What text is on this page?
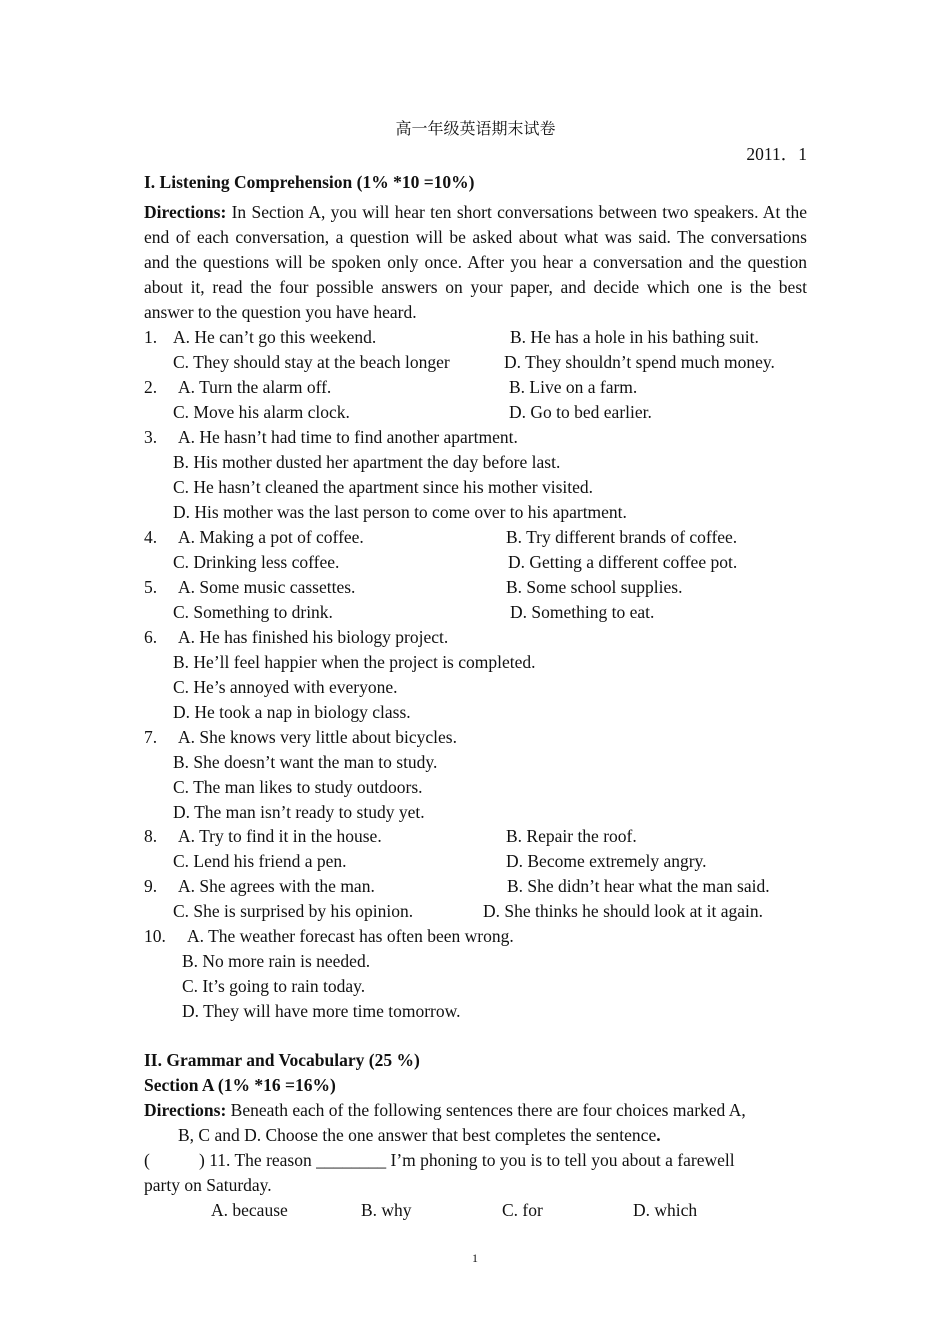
高一年级英语期末试卷
2011．1
I. Listening Comprehension (1% *10 =10%)
Directions: In Section A, you will hear ten short conversations between two speakers. At the end of each conversation, a question will be asked about what was said. The conversations and the questions will be spoken only once. After you hear a conversation and the question about it, read the four possible answers on your paper, and decide which one is the best answer to the question you have heard.
1. A. He can’t go this weekend.	B. He has a hole in his bathing suit.
C. They should stay at the beach longer	D. They shouldn’t spend much money.
2. A. Turn the alarm off.	B. Live on a farm.
C. Move his alarm clock.	D. Go to bed earlier.
3. A. He hasn’t had time to find another apartment.
B. His mother dusted her apartment the day before last.
C. He hasn’t cleaned the apartment since his mother visited.
D. His mother was the last person to come over to his apartment.
4. A. Making a pot of coffee.	B. Try different brands of coffee.
C. Drinking less coffee.	D. Getting a different coffee pot.
5. A. Some music cassettes.	B. Some school supplies.
C. Something to drink.	D. Something to eat.
6. A. He has finished his biology project.
B. He’ll feel happier when the project is completed.
C. He’s annoyed with everyone.
D. He took a nap in biology class.
7. A. She knows very little about bicycles.
B. She doesn’t want the man to study.
C. The man likes to study outdoors.
D. The man isn’t ready to study yet.
8. A. Try to find it in the house.	B. Repair the roof.
C. Lend his friend a pen.	D. Become extremely angry.
9. A. She agrees with the man.	B. She didn’t hear what the man said.
C. She is surprised by his opinion.	D. She thinks he should look at it again.
10. A. The weather forecast has often been wrong.
B. No more rain is needed.
C. It’s going to rain today.
D. They will have more time tomorrow.
II. Grammar and Vocabulary (25 %)
Section A (1% *16 =16%)
Directions: Beneath each of the following sentences there are four choices marked A,
B, C and D. Choose the one answer that best completes the sentence.
(	) 11. The reason ________ I’m phoning to you is to tell you about a farewell
party on Saturday.
A. because	B. why	C. for	D. which
1
